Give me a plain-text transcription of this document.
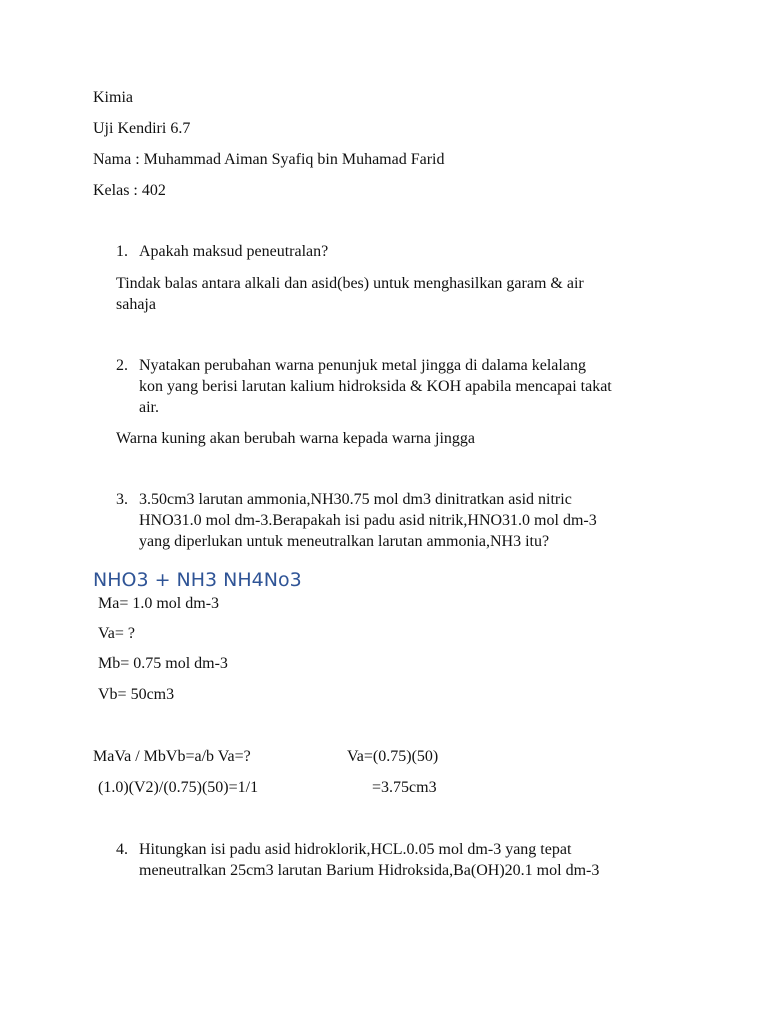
Kimia
Uji Kendiri 6.7
Nama : Muhammad Aiman Syafiq bin Muhamad Farid
Kelas : 402
1. Apakah maksud peneutralan?
Tindak balas antara alkali dan asid(bes) untuk menghasilkan garam & air
sahaja
2. Nyatakan perubahan warna penunjuk metal jingga di dalama kelalang
kon yang berisi larutan kalium hidroksida & KOH apabila mencapai takat
air.
Warna kuning akan berubah warna kepada warna jingga
3. 3.50cm3 larutan ammonia,NH30.75 mol dm3 dinitratkan asid nitric
HNO31.0 mol dm-3.Berapakah isi padu asid nitrik,HNO31.0 mol dm-3
yang diperlukan untuk meneutralkan larutan ammonia,NH3 itu?
NHO3 + NH3 NH4No3
Ma= 1.0 mol dm-3
Va= ?
Mb= 0.75 mol dm-3
Vb= 50cm3
MaVa / MbVb=a/b Va=?	Va=(0.75)(50)
(1.0)(V2)/(0.75)(50)=1/1	=3.75cm3
4. Hitungkan isi padu asid hidroklorik,HCL.0.05 mol dm-3 yang tepat
meneutralkan 25cm3 larutan Barium Hidroksida,Ba(OH)20.1 mol dm-3
